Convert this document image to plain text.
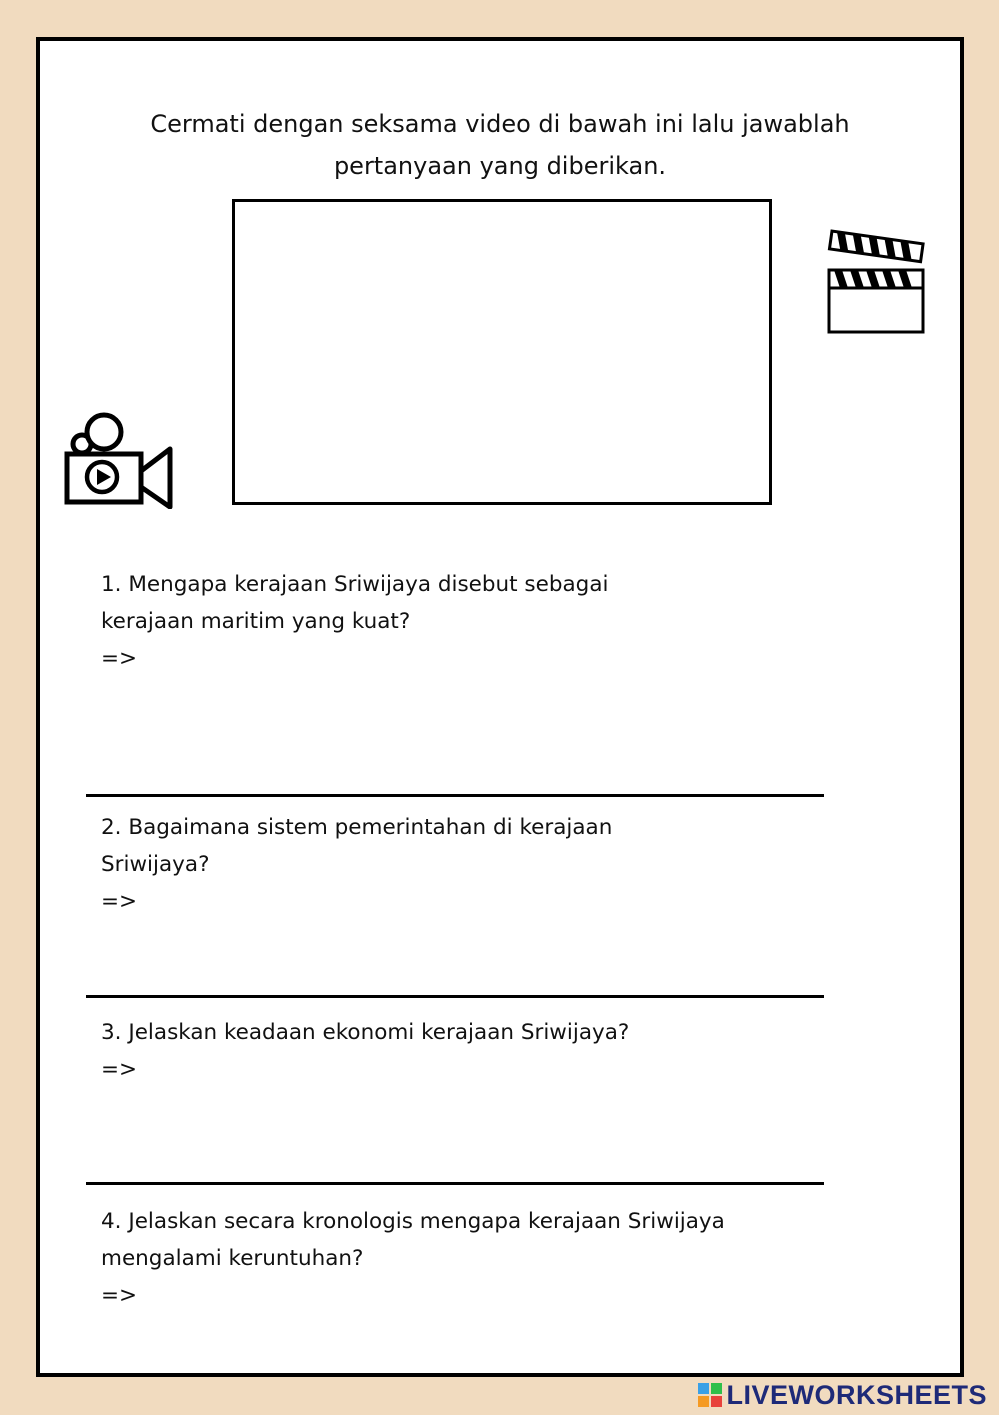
Cermati dengan seksama video di bawah ini lalu jawablah
pertanyaan yang diberikan.
1. Mengapa kerajaan Sriwijaya disebut sebagai
kerajaan maritim yang kuat?
=>
2. Bagaimana sistem pemerintahan di kerajaan
Sriwijaya?
=>
3. Jelaskan keadaan ekonomi kerajaan Sriwijaya?
=>
4. Jelaskan secara kronologis mengapa kerajaan Sriwijaya
mengalami keruntuhan?
=>
LIVEWORKSHEETS
